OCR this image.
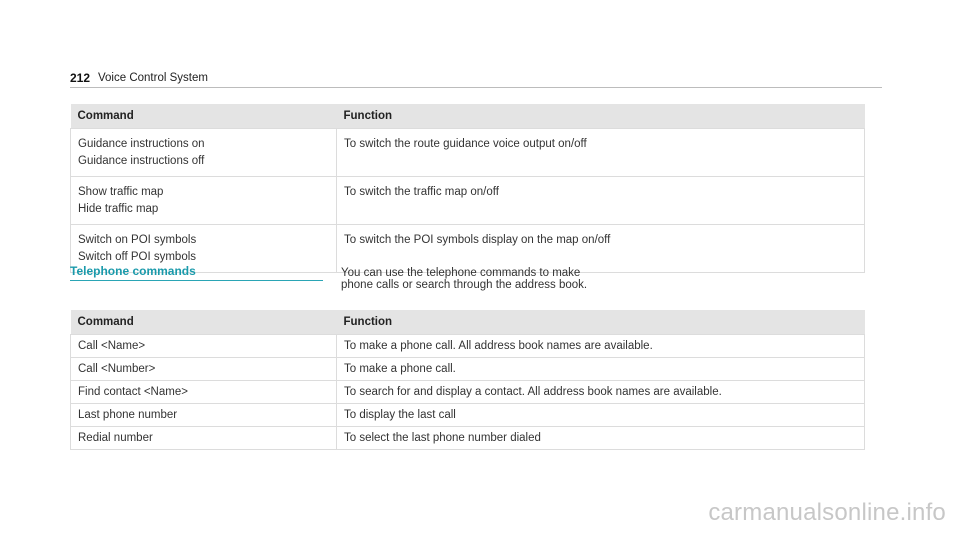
212 Voice Control System
Command	Function

Guidance instructions on
Guidance instructions off	To switch the route guidance voice output on/off

Show traffic map
Hide traffic map	To switch the traffic map on/off

Switch on POI symbols
Switch off POI symbols	To switch the POI symbols display on the map on/off
Telephone commands	You can use the telephone commands to make
phone calls or search through the address book.
Command	Function
Call <Name>	To make a phone call. All address book names are available.
Call <Number>	To make a phone call.
Find contact <Name>	To search for and display a contact. All address book names are available.
Last phone number	To display the last call
Redial number	To select the last phone number dialed
carmanualsonline.info
